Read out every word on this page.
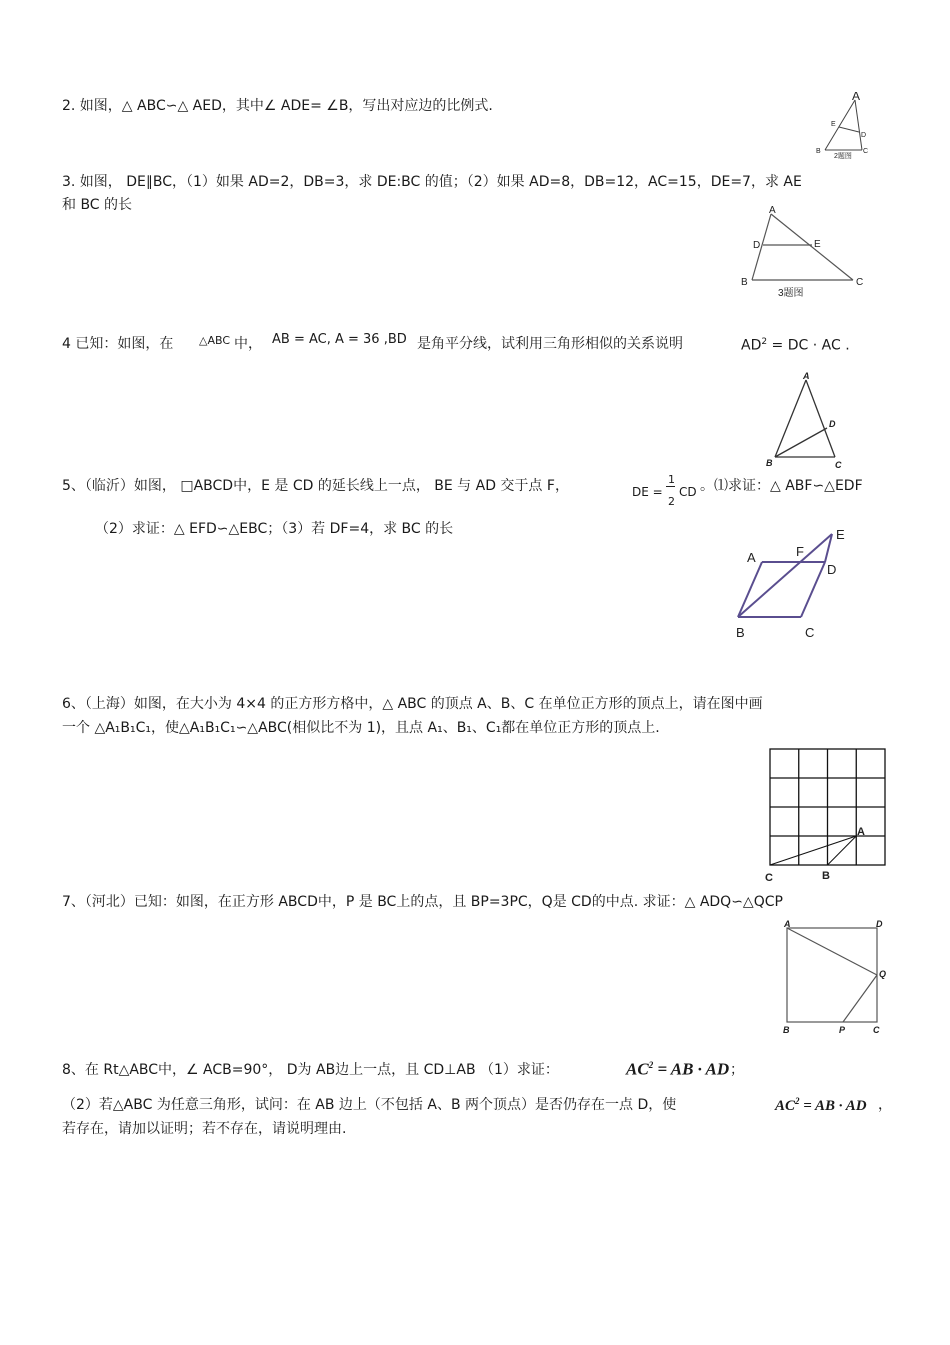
2. 如图，△ ABC∽△ AED，其中∠ ADE= ∠B，写出对应边的比例式.
A
E
D
B	C
2题图
3. 如图， DE∥BC，（1）如果 AD=2，DB=3，求 DE:BC 的值；（2）如果 AD=8，DB=12，AC=15，DE=7，求 AE
和 BC 的长	A
D	E
B	C
3题图
4 已知：如图，在 △ABC 中， AB = AC, A = 36 ,BD 是角平分线，试利用三角形相似的关系说明	$AD^2$ = DC · AC .
A
D
B	C
5、（临沂）如图， □ABCD中，E 是 CD 的延长线上一点， BE 与 AD 交于点 F，	DE =
1
2
CD 。⑴求证：△ ABF∽△EDF
（2）求证：△ EFD∽△EBC；（3）若 DF=4，求 BC 的长
A	F
E
D
B	C
6、（上海）如图，在大小为 4×4 的正方形方格中，△ ABC 的顶点 A、B、C 在单位正方形的顶点上，请在图中画
一个 △A₁B₁C₁，使△A₁B₁C₁∽△ABC(相似比不为 1)，且点 A₁、B₁、C₁都在单位正方形的顶点上.
A
C	B
7、（河北）已知：如图，在正方形 ABCD中，P 是 BC上的点，且 BP=3PC，Q是 CD的中点. 求证：△ ADQ∽△QCP
A	D
Q
B	P	C
8、在 Rt△ABC中，∠ ACB=90°， D为 AB边上一点，且 CD⊥AB （1）求证：	$AC^2$ = AB · AD ；
（2）若△ABC 为任意三角形，试问：在 AB 边上（不包括 A、B 两个顶点）是否仍存在一点 D，使	$AC^2$ = AB · AD ，
若存在，请加以证明；若不存在，请说明理由.
